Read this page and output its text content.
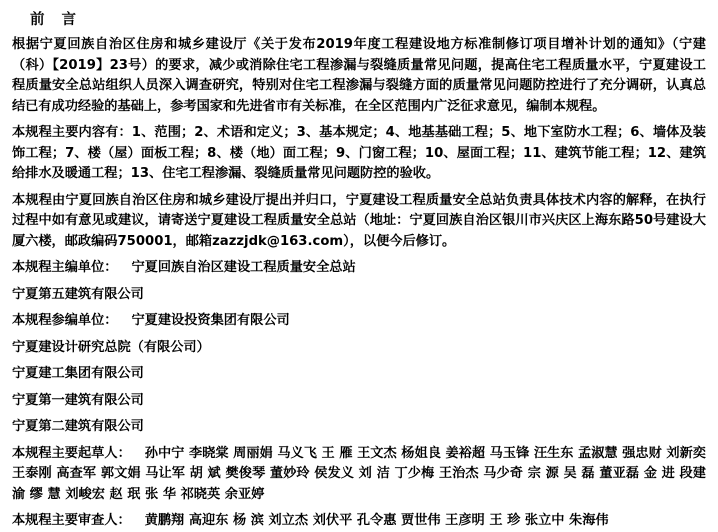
前 言

根据宁夏回族自治区住房和城乡建设厅《关于发布2019年度工程建设地方标准制修订项目增补计划的通知》（宁建（科）【2019】23号）的要求，减少或消除住宅工程渗漏与裂缝质量常见问题，提高住宅工程质量水平，宁夏建设工程质量安全总站组织人员深入调查研究，特别对住宅工程渗漏与裂缝方面的质量常见问题防控进行了充分调研，认真总结已有成功经验的基础上，参考国家和先进省市有关标准，在全区范围内广泛征求意见，编制本规程。

本规程主要内容有：1、范围；2、术语和定义；3、基本规定；4、地基基础工程；5、地下室防水工程；6、墙体及装饰工程；7、楼（屋）面板工程；8、楼（地）面工程；9、门窗工程；10、屋面工程；11、建筑节能工程；12、建筑给排水及暖通工程；13、住宅工程渗漏、裂缝质量常见问题防控的验收。

本规程由宁夏回族自治区住房和城乡建设厅提出并归口，宁夏建设工程质量安全总站负责具体技术内容的解释，在执行过程中如有意见或建议，请寄送宁夏建设工程质量安全总站（地址：宁夏回族自治区银川市兴庆区上海东路50号建设大厦六楼，邮政编码750001，邮箱zazzjdk@163.com），以便今后修订。

本规程主编单位： 宁夏回族自治区建设工程质量安全总站

宁夏第五建筑有限公司

本规程参编单位： 宁夏建设投资集团有限公司

宁夏建设计研究总院（有限公司）

宁夏建工集团有限公司

宁夏第一建筑有限公司

宁夏第二建筑有限公司

本规程主要起草人： 孙中宁 李晓棠 周丽娟 马义飞 王 雁 王文杰 杨姐良 姜裕超 马玉锋 汪生东 孟淑慧 强忠财 刘新奕 王泰刚 高查军 郭文娟 马让军 胡 斌 樊俊琴 董妙玲 侯发义 刘 洁 丁少梅 王治杰 马少奇 宗 源 吴 磊 董亚磊 金 进 段建渝 缪 慧 刘峻宏 赵 珉 张 华 祁晓英 余亚婷

本规程主要审查人： 黄鹏翔 高迎东 杨 滨 刘立杰 刘伏平 孔令惠 贾世伟 王彦明 王 珍 张立中 朱海伟
